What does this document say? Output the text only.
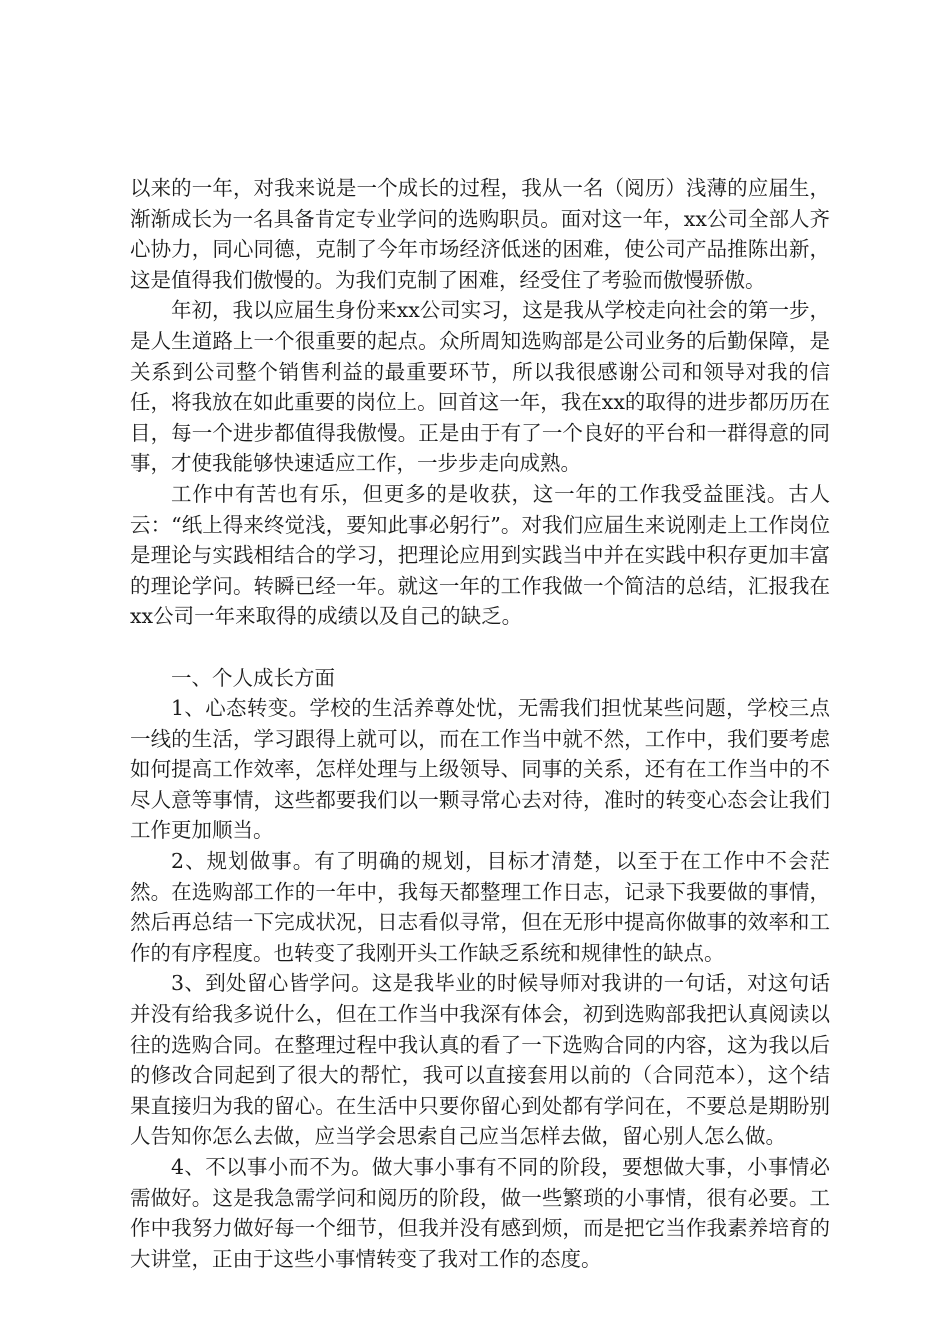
以来的一年，对我来说是一个成长的过程，我从一名（阅历）浅薄的应届生，渐渐成长为一名具备肯定专业学问的选购职员。面对这一年，xx公司全部人齐心协力，同心同德，克制了今年市场经济低迷的困难，使公司产品推陈出新，这是值得我们傲慢的。为我们克制了困难，经受住了考验而傲慢骄傲。

年初，我以应届生身份来xx公司实习，这是我从学校走向社会的第一步，是人生道路上一个很重要的起点。众所周知选购部是公司业务的后勤保障，是关系到公司整个销售利益的最重要环节，所以我很感谢公司和领导对我的信任，将我放在如此重要的岗位上。回首这一年，我在xx的取得的进步都历历在目，每一个进步都值得我傲慢。正是由于有了一个良好的平台和一群得意的同事，才使我能够快速适应工作，一步步走向成熟。

工作中有苦也有乐，但更多的是收获，这一年的工作我受益匪浅。古人云：“纸上得来终觉浅，要知此事必躬行”。对我们应届生来说刚走上工作岗位是理论与实践相结合的学习，把理论应用到实践当中并在实践中积存更加丰富的理论学问。转瞬已经一年。就这一年的工作我做一个简洁的总结，汇报我在xx公司一年来取得的成绩以及自己的缺乏。

一、个人成长方面

1、心态转变。学校的生活养尊处忧，无需我们担忧某些问题，学校三点一线的生活，学习跟得上就可以，而在工作当中就不然，工作中，我们要考虑如何提高工作效率，怎样处理与上级领导、同事的关系，还有在工作当中的不尽人意等事情，这些都要我们以一颗寻常心去对待，准时的转变心态会让我们工作更加顺当。

2、规划做事。有了明确的规划，目标才清楚，以至于在工作中不会茫然。在选购部工作的一年中，我每天都整理工作日志，记录下我要做的事情，然后再总结一下完成状况，日志看似寻常，但在无形中提高你做事的效率和工作的有序程度。也转变了我刚开头工作缺乏系统和规律性的缺点。

3、到处留心皆学问。这是我毕业的时候导师对我讲的一句话，对这句话并没有给我多说什么，但在工作当中我深有体会，初到选购部我把认真阅读以往的选购合同。在整理过程中我认真的看了一下选购合同的内容，这为我以后的修改合同起到了很大的帮忙，我可以直接套用以前的（合同范本），这个结果直接归为我的留心。在生活中只要你留心到处都有学问在，不要总是期盼别人告知你怎么去做，应当学会思索自己应当怎样去做，留心别人怎么做。

4、不以事小而不为。做大事小事有不同的阶段，要想做大事，小事情必需做好。这是我急需学问和阅历的阶段，做一些繁琐的小事情，很有必要。工作中我努力做好每一个细节，但我并没有感到烦，而是把它当作我素养培育的大讲堂，正由于这些小事情转变了我对工作的态度。
